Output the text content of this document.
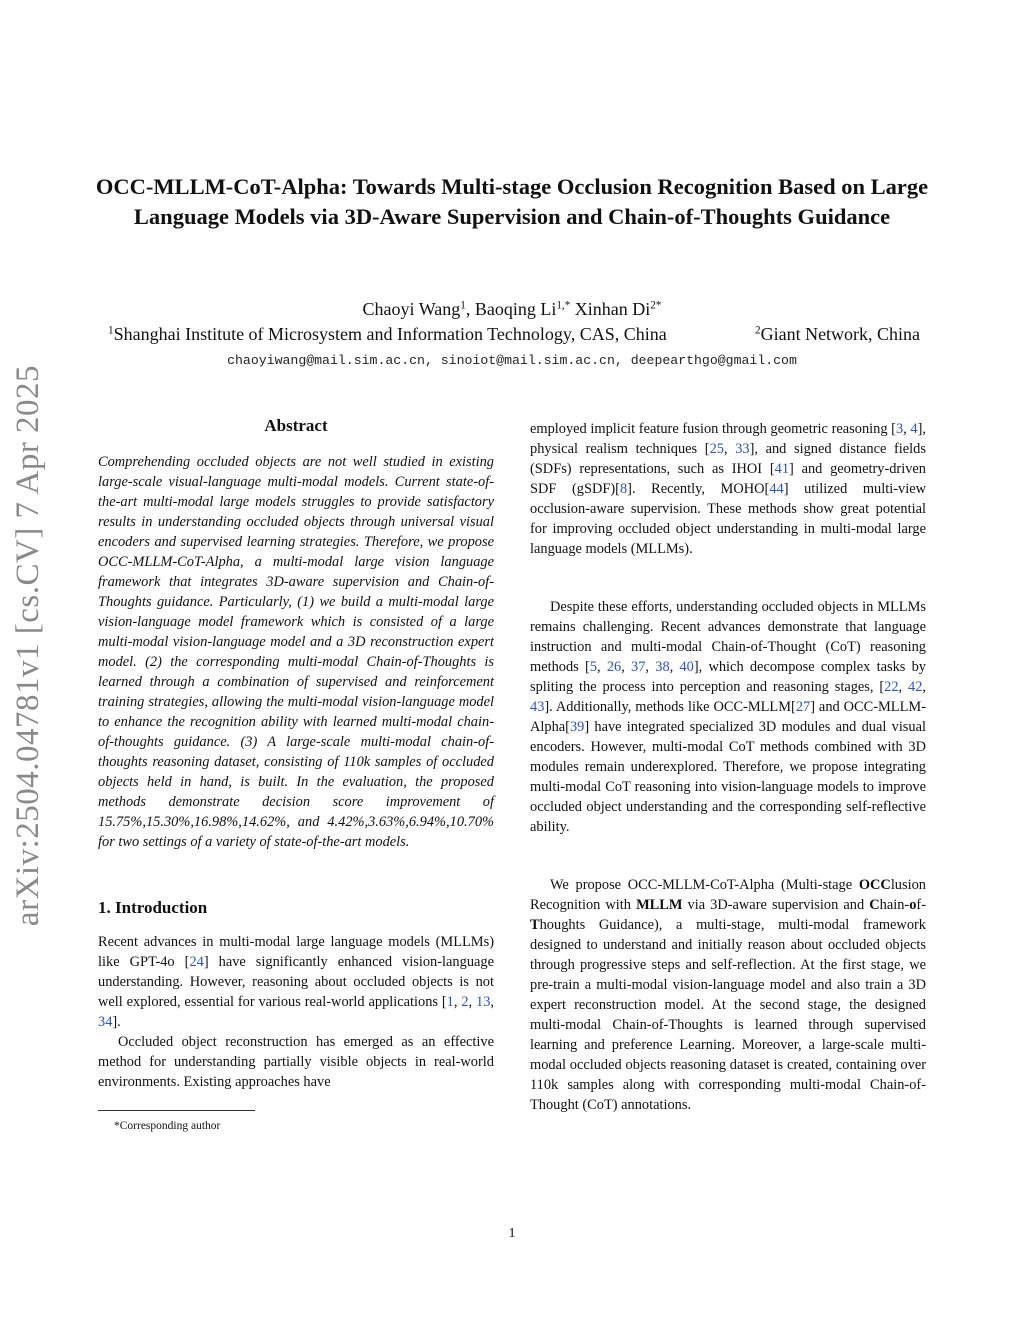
arXiv:2504.04781v1 [cs.CV] 7 Apr 2025
OCC-MLLM-CoT-Alpha: Towards Multi-stage Occlusion Recognition Based on Large Language Models via 3D-Aware Supervision and Chain-of-Thoughts Guidance
Chaoyi Wang$^1$, Baoqing $Li^{1,*}$ Xinhan $Di^{2*}$
$^1$Shanghai Institute of Microsystem and Information Technology, CAS, China	$^2$Giant Network, China
chaoyiwang@mail.sim.ac.cn, sinoiot@mail.sim.ac.cn, deepearthgo@gmail.com
Abstract

Comprehending occluded objects are not well studied in existing large-scale visual-language multi-modal models. Current state-of-the-art multi-modal large models struggles to provide satisfactory results in understanding occluded objects through universal visual encoders and supervised learning strategies. Therefore, we propose OCC-MLLM-CoT-Alpha, a multi-modal large vision language framework that integrates 3D-aware supervision and Chain-of-Thoughts guidance. Particularly, (1) we build a multi-modal large vision-language model framework which is consisted of a large multi-modal vision-language model and a 3D reconstruction expert model. (2) the corresponding multi-modal Chain-of-Thoughts is learned through a combination of supervised and reinforcement training strategies, allowing the multi-modal vision-language model to enhance the recognition ability with learned multi-modal chain-of-thoughts guidance. (3) A large-scale multi-modal chain-of-thoughts reasoning dataset, consisting of 110k samples of occluded objects held in hand, is built. In the evaluation, the proposed methods demonstrate decision score improvement of 15.75%,15.30%,16.98%,14.62%, and 4.42%,3.63%,6.94%,10.70% for two settings of a variety of state-of-the-art models.

1. Introduction

Recent advances in multi-modal large language models (MLLMs) like GPT-4o [24] have significantly enhanced vision-language understanding. However, reasoning about occluded objects is not well explored, essential for various real-world applications [1, 2, 13, 34].

Occluded object reconstruction has emerged as an effective method for understanding partially visible objects in real-world environments. Existing approaches have

*Corresponding author

employed implicit feature fusion through geometric reasoning [3, 4], physical realism techniques [25, 33], and signed distance fields (SDFs) representations, such as IHOI [41] and geometry-driven SDF (gSDF)[8]. Recently, MOHO[44] utilized multi-view occlusion-aware supervision. These methods show great potential for improving occluded object understanding in multi-modal large language models (MLLMs).

Despite these efforts, understanding occluded objects in MLLMs remains challenging. Recent advances demonstrate that language instruction and multi-modal Chain-of-Thought (CoT) reasoning methods [5, 26, 37, 38, 40], which decompose complex tasks by spliting the process into perception and reasoning stages, [22, 42, 43]. Additionally, methods like OCC-MLLM[27] and OCC-MLLM-Alpha[39] have integrated specialized 3D modules and dual visual encoders. However, multi-modal CoT methods combined with 3D modules remain underexplored. Therefore, we propose integrating multi-modal CoT reasoning into vision-language models to improve occluded object understanding and the corresponding self-reflective ability.

We propose OCC-MLLM-CoT-Alpha (Multi-stage OCClusion Recognition with MLLM via 3D-aware supervision and Chain-of-Thoughts Guidance), a multi-stage, multi-modal framework designed to understand and initially reason about occluded objects through progressive steps and self-reflection. At the first stage, we pre-train a multi-modal vision-language model and also train a 3D expert reconstruction model. At the second stage, the designed multi-modal Chain-of-Thoughts is learned through supervised learning and preference Learning. Moreover, a large-scale multi-modal occluded objects reasoning dataset is created, containing over 110k samples along with corresponding multi-modal Chain-of-Thought (CoT) annotations.

1
